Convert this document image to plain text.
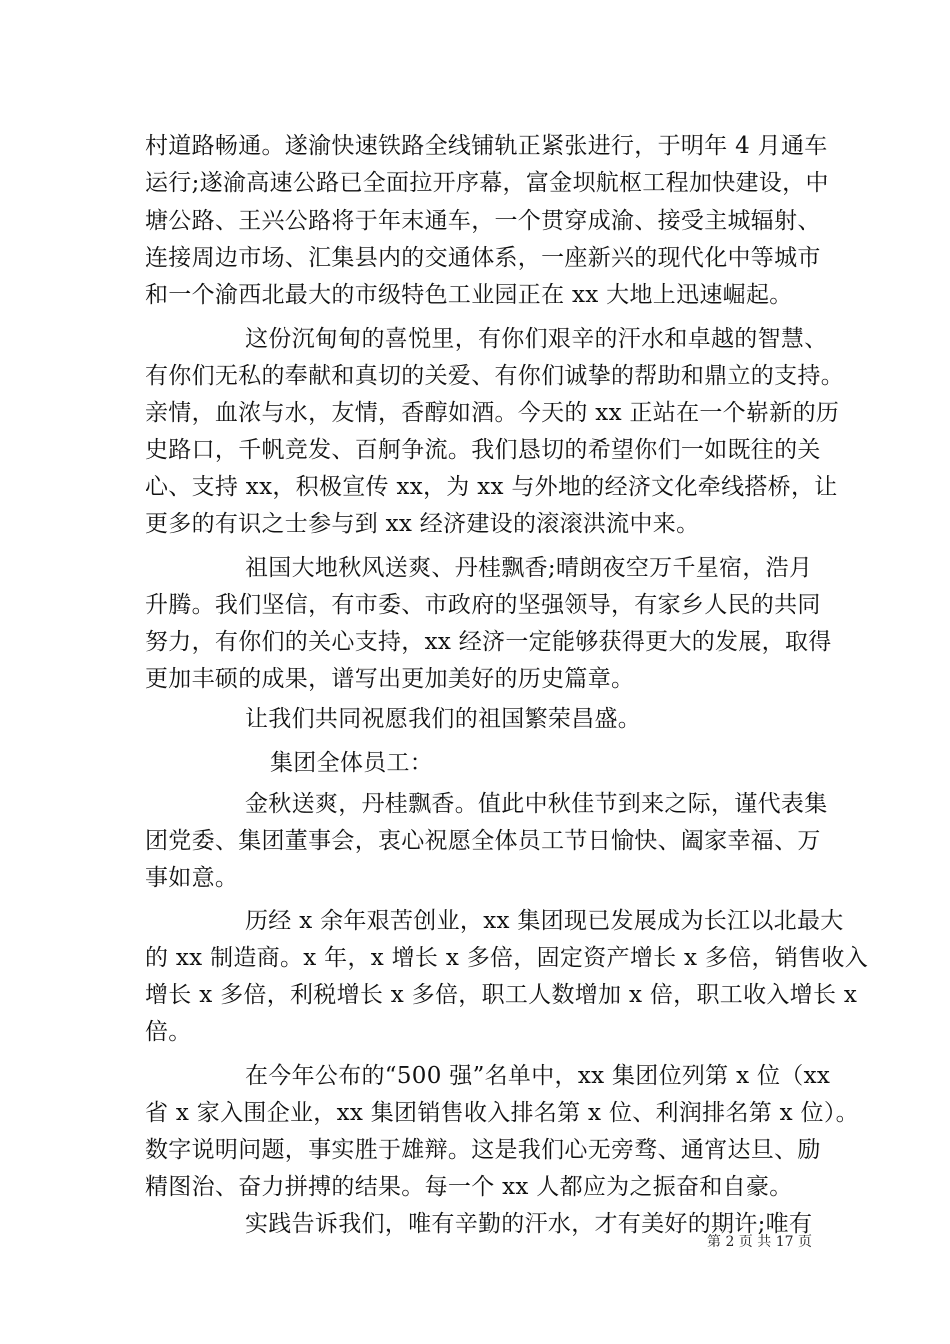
村道路畅通。遂渝快速铁路全线铺轨正紧张进行，于明年 4 月通车
运行;遂渝高速公路已全面拉开序幕，富金坝航枢工程加快建设，中
塘公路、王兴公路将于年末通车，一个贯穿成渝、接受主城辐射、
连接周边市场、汇集县内的交通体系，一座新兴的现代化中等城市
和一个渝西北最大的市级特色工业园正在 xx 大地上迅速崛起。
这份沉甸甸的喜悦里，有你们艰辛的汗水和卓越的智慧、
有你们无私的奉献和真切的关爱、有你们诚挚的帮助和鼎立的支持。
亲情，血浓与水，友情，香醇如酒。今天的 xx 正站在一个崭新的历
史路口，千帆竞发、百舸争流。我们恳切的希望你们一如既往的关
心、支持 xx，积极宣传 xx，为 xx 与外地的经济文化牵线搭桥，让
更多的有识之士参与到 xx 经济建设的滚滚洪流中来。
祖国大地秋风送爽、丹桂飘香;晴朗夜空万千星宿，浩月
升腾。我们坚信，有市委、市政府的坚强领导，有家乡人民的共同
努力，有你们的关心支持，xx 经济一定能够获得更大的发展，取得
更加丰硕的成果，谱写出更加美好的历史篇章。
让我们共同祝愿我们的祖国繁荣昌盛。
集团全体员工：
金秋送爽，丹桂飘香。值此中秋佳节到来之际，谨代表集
团党委、集团董事会，衷心祝愿全体员工节日愉快、阖家幸福、万
事如意。
历经 x 余年艰苦创业，xx 集团现已发展成为长江以北最大
的 xx 制造商。x 年，x 增长 x 多倍，固定资产增长 x 多倍，销售收入
增长 x 多倍，利税增长 x 多倍，职工人数增加 x 倍，职工收入增长 x
倍。
在今年公布的“500 强”名单中，xx 集团位列第 x 位（xx
省 x 家入围企业，xx 集团销售收入排名第 x 位、利润排名第 x 位）。
数字说明问题，事实胜于雄辩。这是我们心无旁骛、通宵达旦、励
精图治、奋力拼搏的结果。每一个 xx 人都应为之振奋和自豪。
实践告诉我们，唯有辛勤的汗水，才有美好的期许;唯有
第 2 页 共 17 页
